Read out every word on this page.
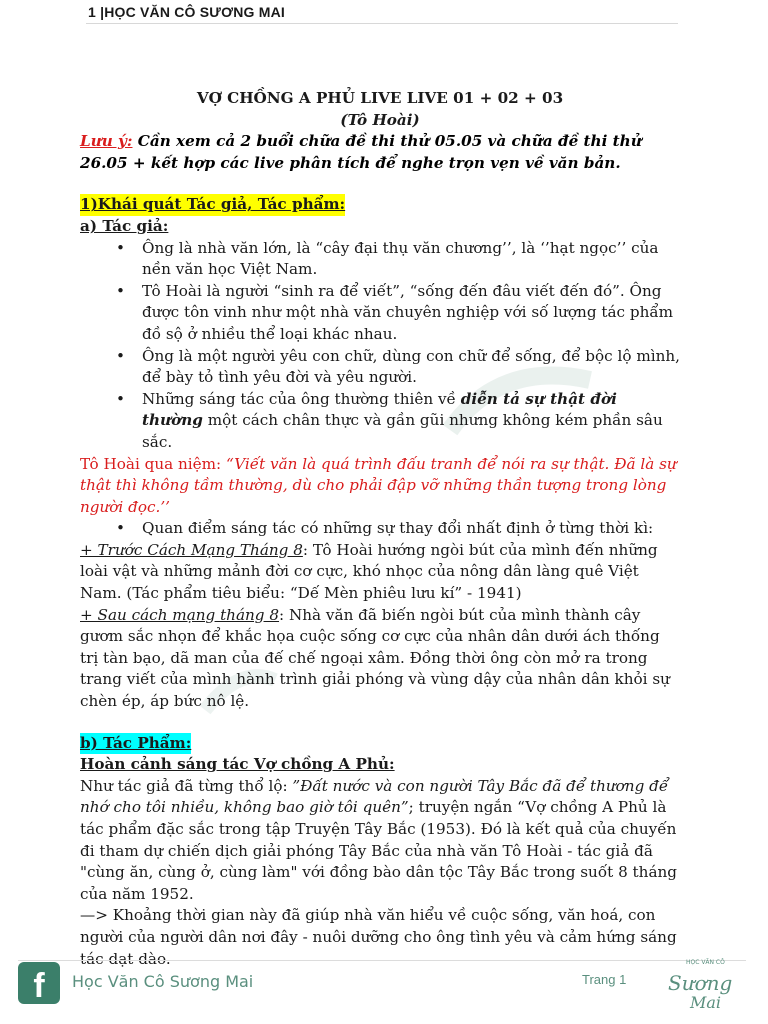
1 |HỌC VĂN CÔ SƯƠNG MAI
VỢ CHỒNG A PHỦ LIVE LIVE 01 + 02 + 03
(Tô Hoài)
Lưu ý: Cần xem cả 2 buổi chữa đề thi thử 05.05 và chữa đề thi thử 26.05 + kết hợp các live phân tích để nghe trọn vẹn về văn bản.
1)Khái quát Tác giả, Tác phẩm:
a) Tác giả:
• Ông là nhà văn lớn, là “cây đại thụ văn chương’’, là ‘’hạt ngọc’’ của nền văn học Việt Nam.
• Tô Hoài là người “sinh ra để viết”, “sống đến đâu viết đến đó”. Ông được tôn vinh như một nhà văn chuyên nghiệp với số lượng tác phẩm đồ sộ ở nhiều thể loại khác nhau.
• Ông là một người yêu con chữ, dùng con chữ để sống, để bộc lộ mình, để bày tỏ tình yêu đời và yêu người.
• Những sáng tác của ông thường thiên về diễn tả sự thật đời thường một cách chân thực và gần gũi nhưng không kém phần sâu sắc.
Tô Hoài qua niệm: “Viết văn là quá trình đấu tranh để nói ra sự thật. Đã là sự thật thì không tầm thường, dù cho phải đập vỡ những thần tượng trong lòng người đọc.’’
• Quan điểm sáng tác có những sự thay đổi nhất định ở từng thời kì:
+ Trước Cách Mạng Tháng 8: Tô Hoài hướng ngòi bút của mình đến những loài vật và những mảnh đời cơ cực, khó nhọc của nông dân làng quê Việt Nam. (Tác phẩm tiêu biểu: “Dế Mèn phiêu lưu kí” - 1941)
+ Sau cách mạng tháng 8: Nhà văn đã biến ngòi bút của mình thành cây gươm sắc nhọn để khắc họa cuộc sống cơ cực của nhân dân dưới ách thống trị tàn bạo, dã man của đế chế ngoại xâm. Đồng thời ông còn mở ra trong trang viết của mình hành trình giải phóng và vùng dậy của nhân dân khỏi sự chèn ép, áp bức nô lệ.
b) Tác Phẩm:
Hoàn cảnh sáng tác Vợ chồng A Phủ:
Như tác giả đã từng thổ lộ: ”Đất nước và con người Tây Bắc đã để thương để nhớ cho tôi nhiều, không bao giờ tôi quên”; truyện ngắn “Vợ chồng A Phủ là tác phẩm đặc sắc trong tập Truyện Tây Bắc (1953). Đó là kết quả của chuyến đi tham dự chiến dịch giải phóng Tây Bắc của nhà văn Tô Hoài - tác giả đã "cùng ăn, cùng ở, cùng làm" với đồng bào dân tộc Tây Bắc trong suốt 8 tháng của năm 1952.
—> Khoảng thời gian này đã giúp nhà văn hiểu về cuộc sống, văn hoá, con người của người dân nơi đây - nuôi dưỡng cho ông tình yêu và cảm hứng sáng tác dạt dào.
f	Học Văn Cô Sương Mai	Trang 1
HỌC VĂN CÔ
Sương
Mai
